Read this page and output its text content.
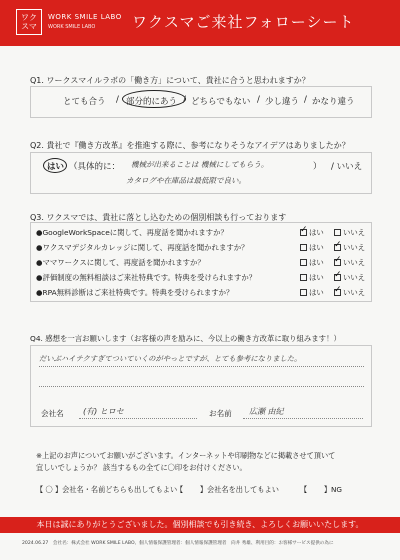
ワク
スマ
WORK SMILE LABO
WORK SMILE LABO ワクスマご来社フォローシート
Q1. ワークスマイルラボの「働き方」について、貴社に合うと思われますか？
とても合う / 部分的にあう / どちらでもない / 少し違う / かなり違う
Q2. 貴社で『働き方改革』を推進する際に、参考になりそうなアイデアはありましたか？
はい （具体的に： 機械が出来ることは 機械にしてもらう。
カタログや在庫品は最低限で良い。
） / いいえ
Q3. ワクスマでは、貴社に落とし込むための個別相談も行っております
●GoogleWorkSpaceに関して、再度話を聞かれますか？ ✓	はい	いいえ
●ワクスマデジタルカレッジに関して、再度話を聞かれますか？	はい ✓	いいえ
●ママワークスに関して、再度話を聞かれますか？	はい ✓	いいえ
●評価制度の無料相談はご来社特典です。特典を受けられますか？	はい ✓	いいえ
●RPA無料診断はご来社特典です。特典を受けられますか？	はい ✓	いいえ
Q4. 感想を一言お願いします（お客様の声を励みに、今以上の働き方改革に取り組みます！）
だいぶハイテクすぎてついていくのがやっとですが、とても参考になりました。
会社名 (有) ヒロセ	お名前 広瀬 由紀
※上記のお声についてお願いがございます。インターネットや印刷物などに掲載させて頂いて
宜しいでしょうか？ 該当するもの全てに〇印をお付けください。
【 〇 】会社名・名前どちらも出してもよい
【　　 】会社名を出してもよい	【　　 】NG
本日は誠にありがとうございました。個別相談でも引き続き、よろしくお願いいたします。
2024.06.27　会社名：株式会社 WORK SMILE LABO、個人情報保護管理者：個人情報保護管理者　向井 秀雄、利用目的：お客様サービス提供の為に
